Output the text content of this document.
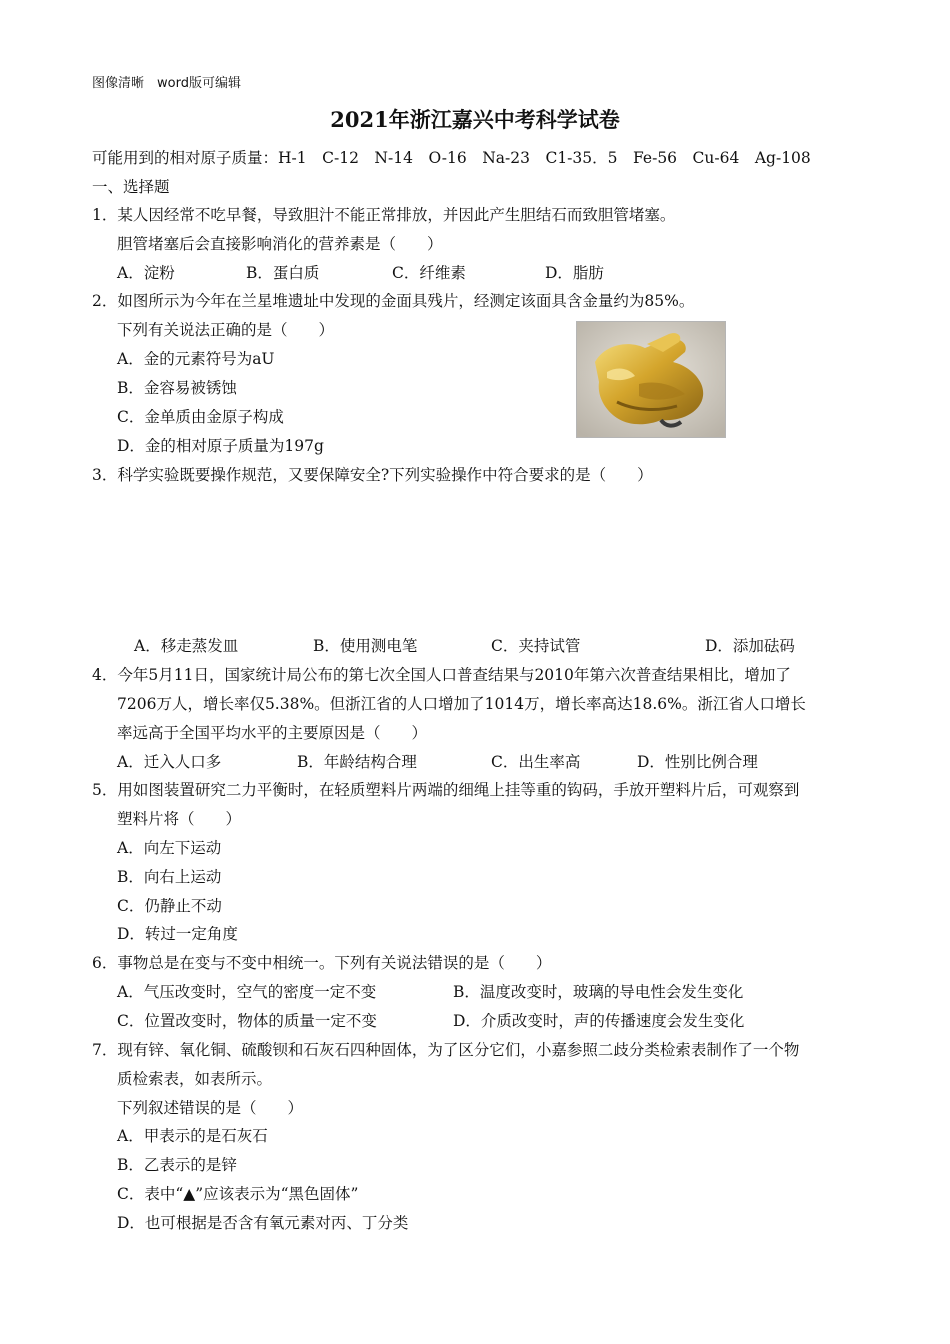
图像清晰　word版可编辑
2021年浙江嘉兴中考科学试卷
可能用到的相对原子质量：H-1　C-12　N-14　O-16　Na-23　C1-35．5　Fe-56　Cu-64　Ag-108
一、选择题
1．某人因经常不吃早餐，导致胆汁不能正常排放，并因此产生胆结石而致胆管堵塞。
胆管堵塞后会直接影响消化的营养素是（　　）
A．淀粉	B．蛋白质	C．纤维素	D．脂肪
2．如图所示为今年在兰星堆遗址中发现的金面具残片，经测定该面具含金量约为85%。
下列有关说法正确的是（　　）
A．金的元素符号为aU
B．金容易被锈蚀
C．金单质由金原子构成
D．金的相对原子质量为197g
3．科学实验既要操作规范，又要保障安全?下列实验操作中符合要求的是（　　）
A．移走蒸发皿	B．使用测电笔	C．夹持试管	D．添加砝码
4．今年5月11日，国家统计局公布的第七次全国人口普查结果与2010年第六次普查结果相比，增加了
7206万人，增长率仅5.38%。但浙江省的人口增加了1014万，增长率高达18.6%。浙江省人口增长
率远高于全国平均水平的主要原因是（　　）
A．迁入人口多	B．年龄结构合理	C．出生率高	D．性别比例合理
5．用如图装置研究二力平衡时，在轻质塑料片两端的细绳上挂等重的钩码，手放开塑料片后，可观察到
塑料片将（　　）
A．向左下运动
B．向右上运动
C．仍静止不动
D．转过一定角度
6．事物总是在变与不变中相统一。下列有关说法错误的是（　　）
A．气压改变时，空气的密度一定不变	B．温度改变时，玻璃的导电性会发生变化
C．位置改变时，物体的质量一定不变	D．介质改变时，声的传播速度会发生变化
7．现有锌、氧化铜、硫酸钡和石灰石四种固体，为了区分它们，小嘉参照二歧分类检索表制作了一个物
质检索表，如表所示。
下列叙述错误的是（　　）
A．甲表示的是石灰石
B．乙表示的是锌
C．表中“▲”应该表示为“黑色固体”
D．也可根据是否含有氧元素对丙、丁分类
